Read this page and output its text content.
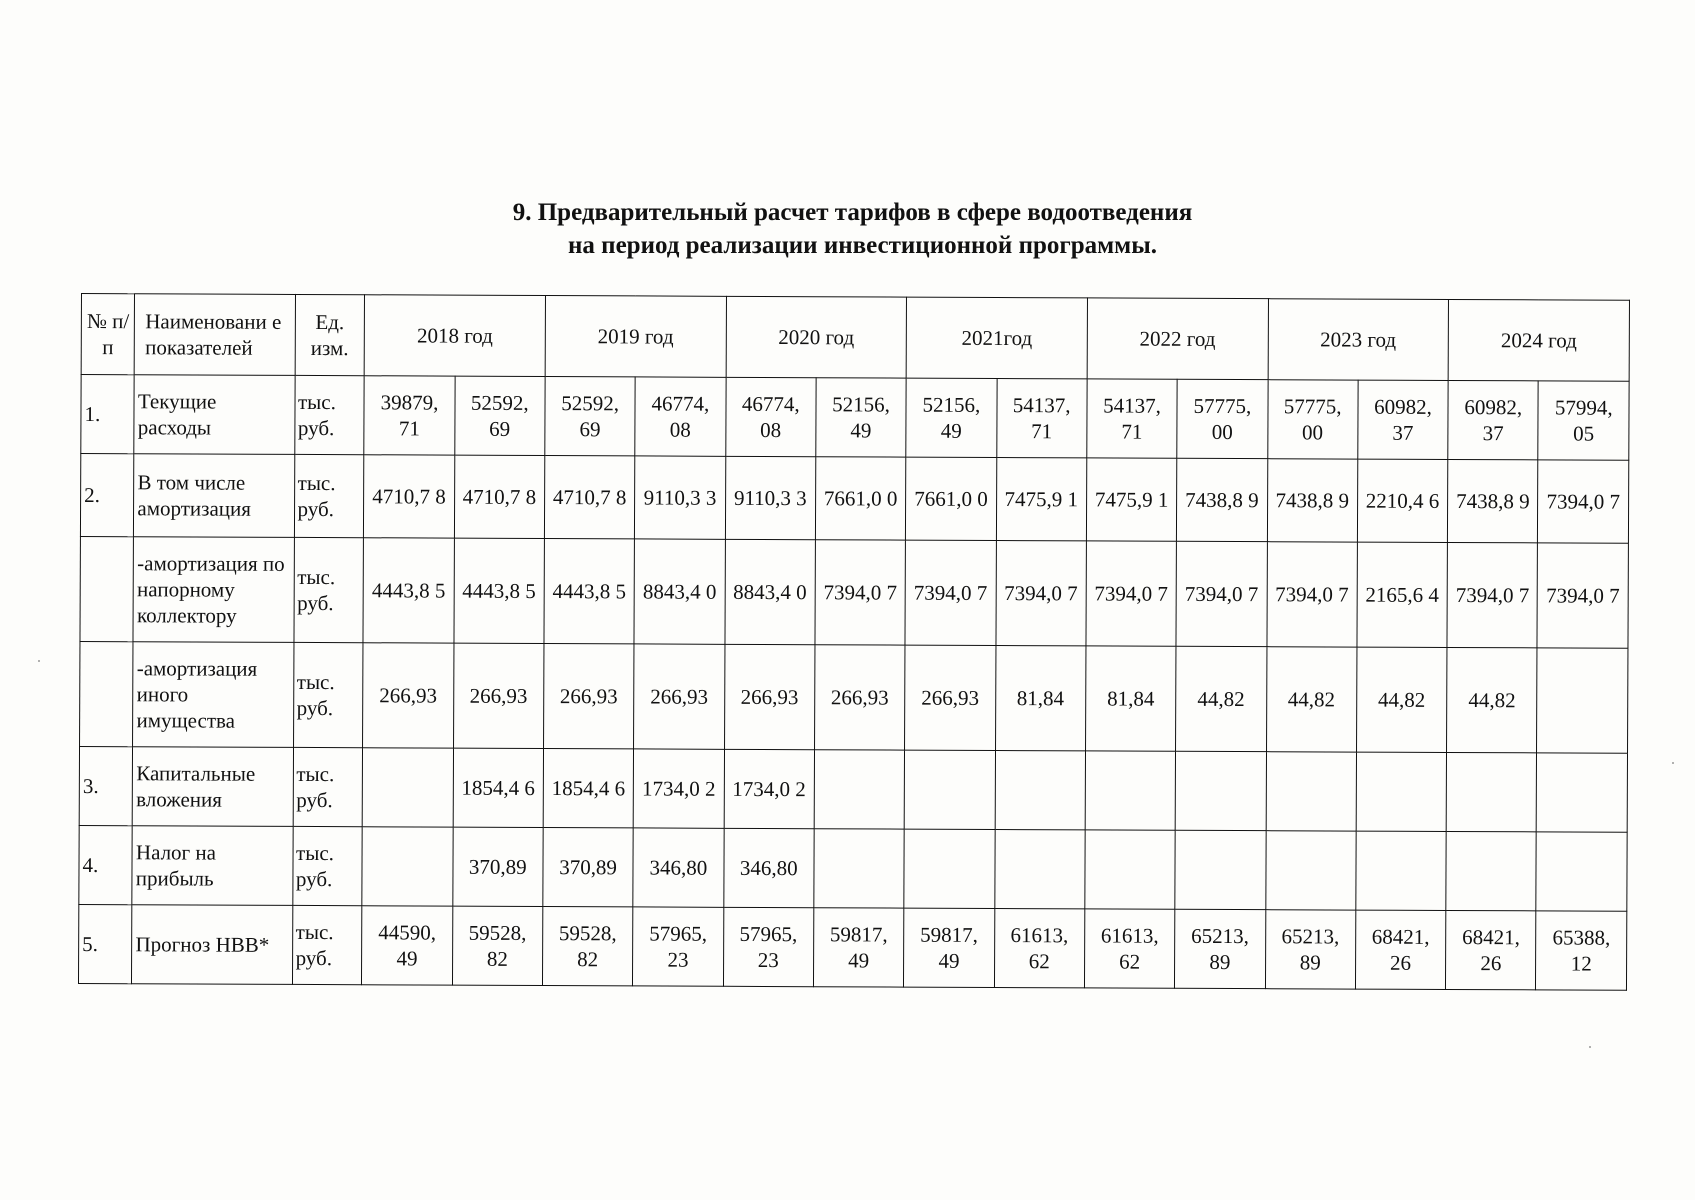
9. Предварительный расчет тарифов в сфере водоотведения
на период реализации инвестиционной программы.
№ п/п	Наименовани е показателей	Ед. изм.	2018 год		2019 год		2020 год		2021год		2022 год		2023 год		2024 год	
1.	Текущие расходы	тыс. руб.	39879, 71	52592, 69	52592, 69	46774, 08	46774, 08	52156, 49	52156, 49	54137, 71	54137, 71	57775, 00	57775, 00	60982, 37	60982, 37	57994, 05
2.	В том числе амортизация	тыс. руб.	4710,7 8	4710,7 8	4710,7 8	9110,3 3	9110,3 3	7661,0 0	7661,0 0	7475,9 1	7475,9 1	7438,8 9	7438,8 9	2210,4 6	7438,8 9	7394,0 7
	-амортизация по напорному коллектору	тыс. руб.	4443,8 5	4443,8 5	4443,8 5	8843,4 0	8843,4 0	7394,0 7	7394,0 7	7394,0 7	7394,0 7	7394,0 7	7394,0 7	2165,6 4	7394,0 7	7394,0 7
	-амортизация иного имущества	тыс. руб.	266,93	266,93	266,93	266,93	266,93	266,93	266,93	81,84	81,84	44,82	44,82	44,82	44,82	
3.	Капитальные вложения	тыс. руб.		1854,4 6	1854,4 6	1734,0 2	1734,0 2									
4.	Налог на прибыль	тыс. руб.		370,89	370,89	346,80	346,80									
5.	Прогноз НВВ*	тыс. руб.	44590, 49	59528, 82	59528, 82	57965, 23	57965, 23	59817, 49	59817, 49	61613, 62	61613, 62	65213, 89	65213, 89	68421, 26	68421, 26	65388, 12
